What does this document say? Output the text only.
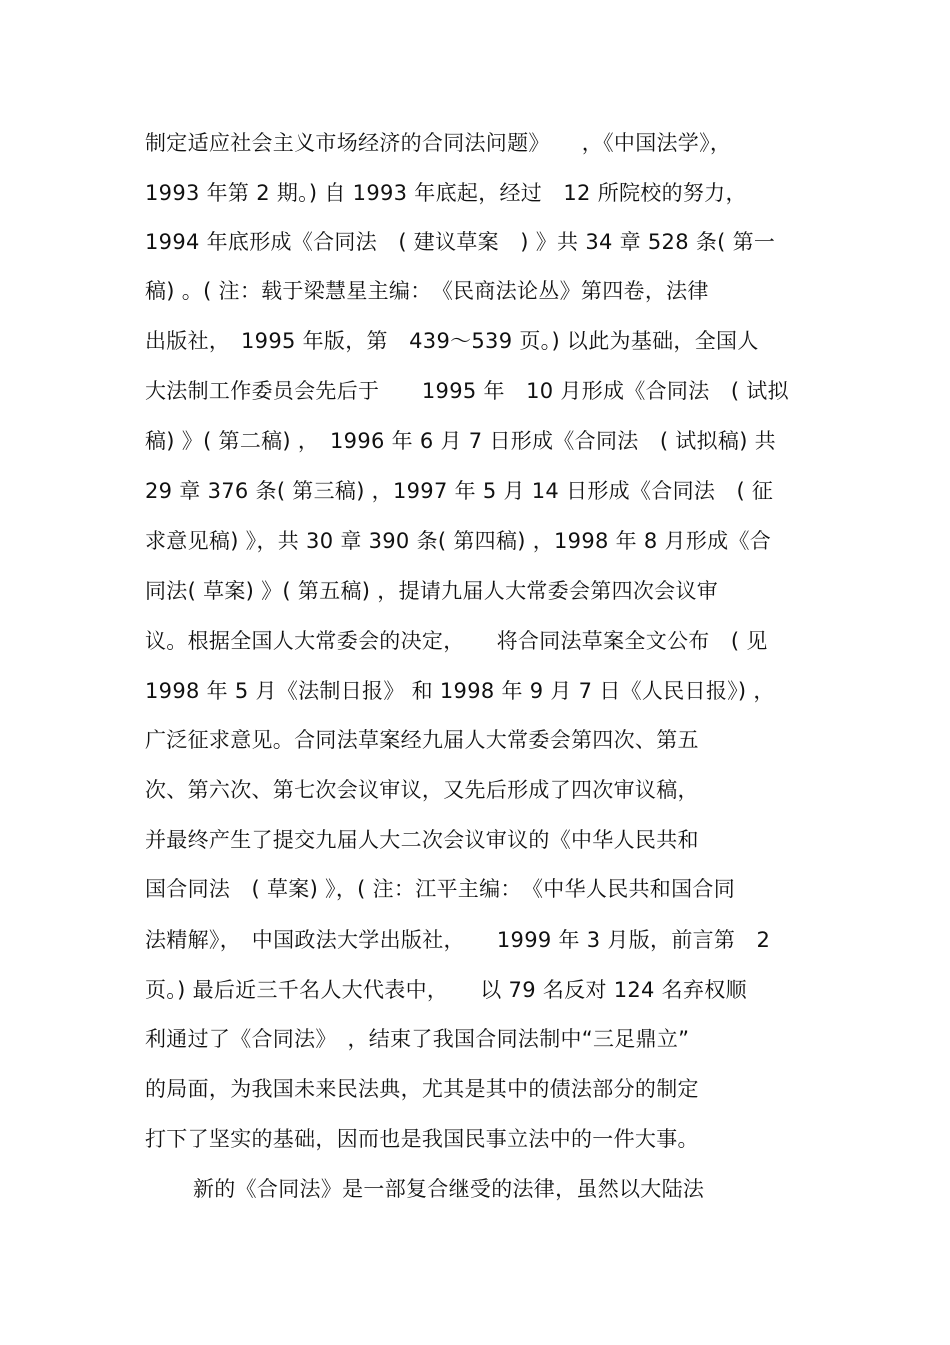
制定适应社会主义市场经济的合同法问题》　　，《中国法学》，
1993 年第 2 期。) 自 1993 年底起，经过　12 所院校的努力，
1994 年底形成《合同法　( 建议草案　) 》共 34 章 528 条( 第一
稿) 。( 注：载于梁慧星主编：　《民商法论丛》第四卷，法律
出版社，　1995 年版，第　439～539 页。) 以此为基础，全国人
大法制工作委员会先后于　　1995 年　10 月形成《合同法　( 试拟
稿) 》( 第二稿) ，　1996 年 6 月 7 日形成《合同法　( 试拟稿) 共
29 章 376 条( 第三稿) ，1997 年 5 月 14 日形成《合同法　( 征
求意见稿) 》，共 30 章 390 条( 第四稿) ，1998 年 8 月形成《合
同法( 草案) 》( 第五稿) ，提请九届人大常委会第四次会议审
议。根据全国人大常委会的决定，　　将合同法草案全文公布　( 见
1998 年 5 月《法制日报》 和 1998 年 9 月 7 日《人民日报》) ，
广泛征求意见。合同法草案经九届人大常委会第四次、第五
次、第六次、第七次会议审议，又先后形成了四次审议稿，
并最终产生了提交九届人大二次会议审议的《中华人民共和
国合同法　( 草案) 》，( 注：江平主编：　《中华人民共和国合同
法精解》，　中国政法大学出版社，　　1999 年 3 月版，前言第　2
页。) 最后近三千名人大代表中，　　以 79 名反对 124 名弃权顺
利通过了《合同法》　，结束了我国合同法制中“三足鼎立”
的局面，为我国未来民法典，尤其是其中的债法部分的制定
打下了坚实的基础，因而也是我国民事立法中的一件大事。
新的《合同法》是一部复合继受的法律，虽然以大陆法
